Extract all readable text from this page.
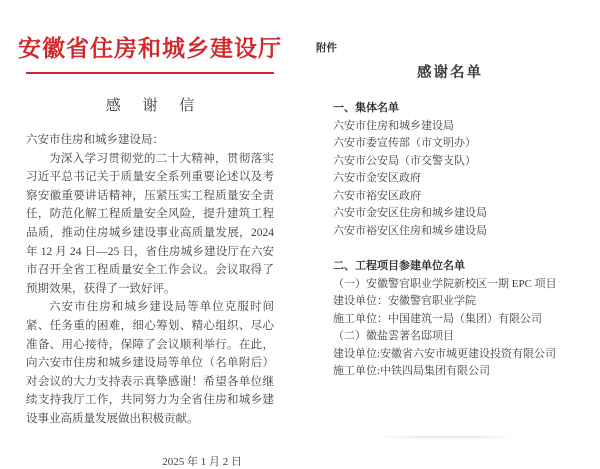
安徽省住房和城乡建设厅
感 谢 信
六安市住房和城乡建设局：

为深入学习贯彻党的二十大精神，贯彻落实习近平总书记关于质量安全系列重要论述以及考察安徽重要讲话精神，压紧压实工程质量安全责任，防范化解工程质量安全风险，提升建筑工程品质，推动住房城乡建设事业高质量发展，2024 年 12 月 24 日—25 日，省住房城乡建设厅在六安市召开全省工程质量安全工作会议。会议取得了预期效果，获得了一致好评。

六安市住房和城乡建设局等单位克服时间紧、任务重的困难，细心筹划、精心组织、尽心准备、用心接待，保障了会议顺利举行。在此，向六安市住房和城乡建设局等单位（名单附后）对会议的大力支持表示真挚感谢！希望各单位继续支持我厅工作，共同努力为全省住房和城乡建设事业高质量发展做出积极贡献。

2025 年 1 月 2 日
附件
感谢名单
一、集体名单
六安市住房和城乡建设局
六安市委宣传部（市文明办）
六安市公安局（市交警支队）
六安市金安区政府
六安市裕安区政府
六安市金安区住房和城乡建设局
六安市裕安区住房和城乡建设局
二、工程项目参建单位名单
（一）安徽警官职业学院新校区一期 EPC 项目
建设单位：安徽警官职业学院
施工单位：中国建筑一局（集团）有限公司
（二）徽盐雲著名邸项目
建设单位:安徽省六安市城更建设投资有限公司
施工单位:中铁四局集团有限公司
